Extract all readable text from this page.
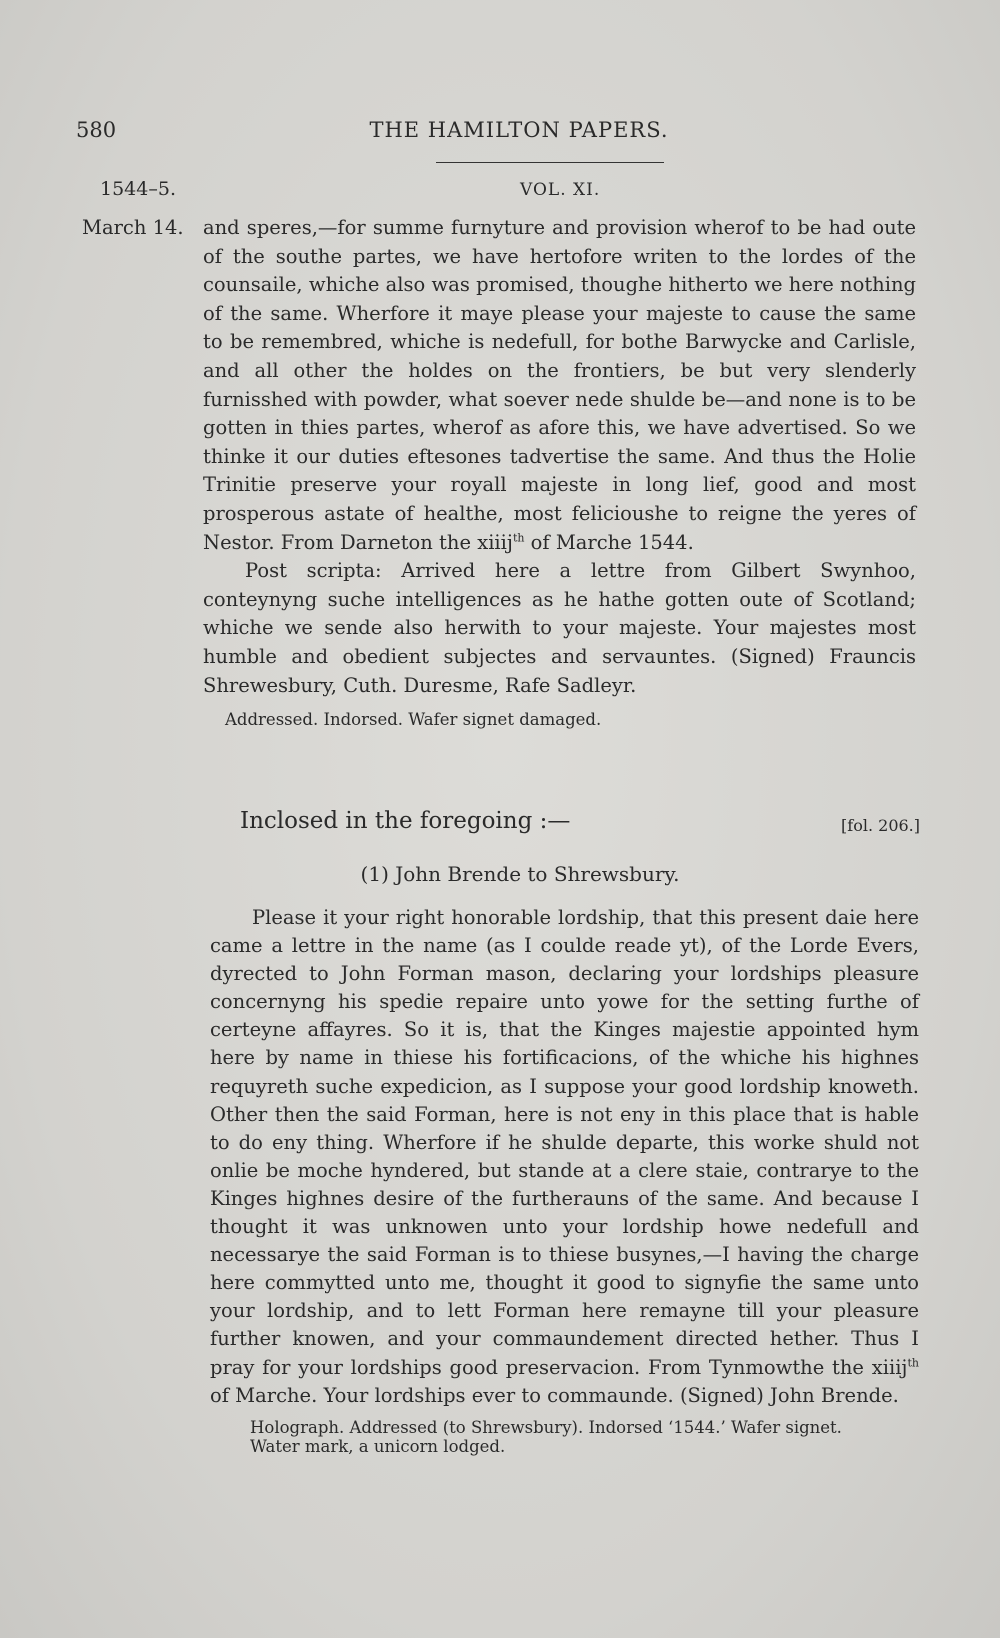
580	THE HAMILTON PAPERS.
1544–5.	VOL. XI.
March 14. and speres,—for summe furnyture and provision wherof to be had oute of the southe partes, we have hertofore writen to the lordes of the counsaile, whiche also was promised, thoughe hitherto we here nothing of the same. Wherfore it maye please your majeste to cause the same to be remembred, whiche is nedefull, for bothe Barwycke and Carlisle, and all other the holdes on the frontiers, be but very slenderly furnisshed with powder, what soever nede shulde be—and none is to be gotten in thies partes, wherof as afore this, we have advertised. So we thinke it our duties eftesones tadvertise the same. And thus the Holie Trinitie preserve your royall majeste in long lief, good and most prosperous astate of healthe, most felicioushe to reigne the yeres of Nestor. From Darneton the xiiij$^{th}$ of Marche 1544.

Post scripta: Arrived here a lettre from Gilbert Swynhoo, conteynyng suche intelligences as he hathe gotten oute of Scotland; whiche we sende also herwith to your majeste. Your majestes most humble and obedient subjectes and servauntes. (Signed) Frauncis Shrewesbury, Cuth. Duresme, Rafe Sadleyr.

Addressed. Indorsed. Wafer signet damaged.
Inclosed in the foregoing :—	[fol. 206.]
(1) John Brende to Shrewsbury.

Please it your right honorable lordship, that this present daie here came a lettre in the name (as I coulde reade yt), of the Lorde Evers, dyrected to John Forman mason, declaring your lordships pleasure concernyng his spedie repaire unto yowe for the setting furthe of certeyne affayres. So it is, that the Kinges majestie appointed hym here by name in thiese his fortificacions, of the whiche his highnes requyreth suche expedicion, as I suppose your good lordship knoweth. Other then the said Forman, here is not eny in this place that is hable to do eny thing. Wherfore if he shulde departe, this worke shuld not onlie be moche hyndered, but stande at a clere staie, contrarye to the Kinges highnes desire of the furtherauns of the same. And because I thought it was unknowen unto your lordship howe nedefull and necessarye the said Forman is to thiese busynes,—I having the charge here commytted unto me, thought it good to signyfie the same unto your lordship, and to lett Forman here remayne till your pleasure further knowen, and your commaundement directed hether. Thus I pray for your lordships good preservacion. From Tynmowthe the xiiij$^{th}$ of Marche. Your lordships ever to commaunde. (Signed) John Brende.

Holograph. Addressed (to Shrewsbury). Indorsed ‘1544.’ Wafer signet.
Water mark, a unicorn lodged.
